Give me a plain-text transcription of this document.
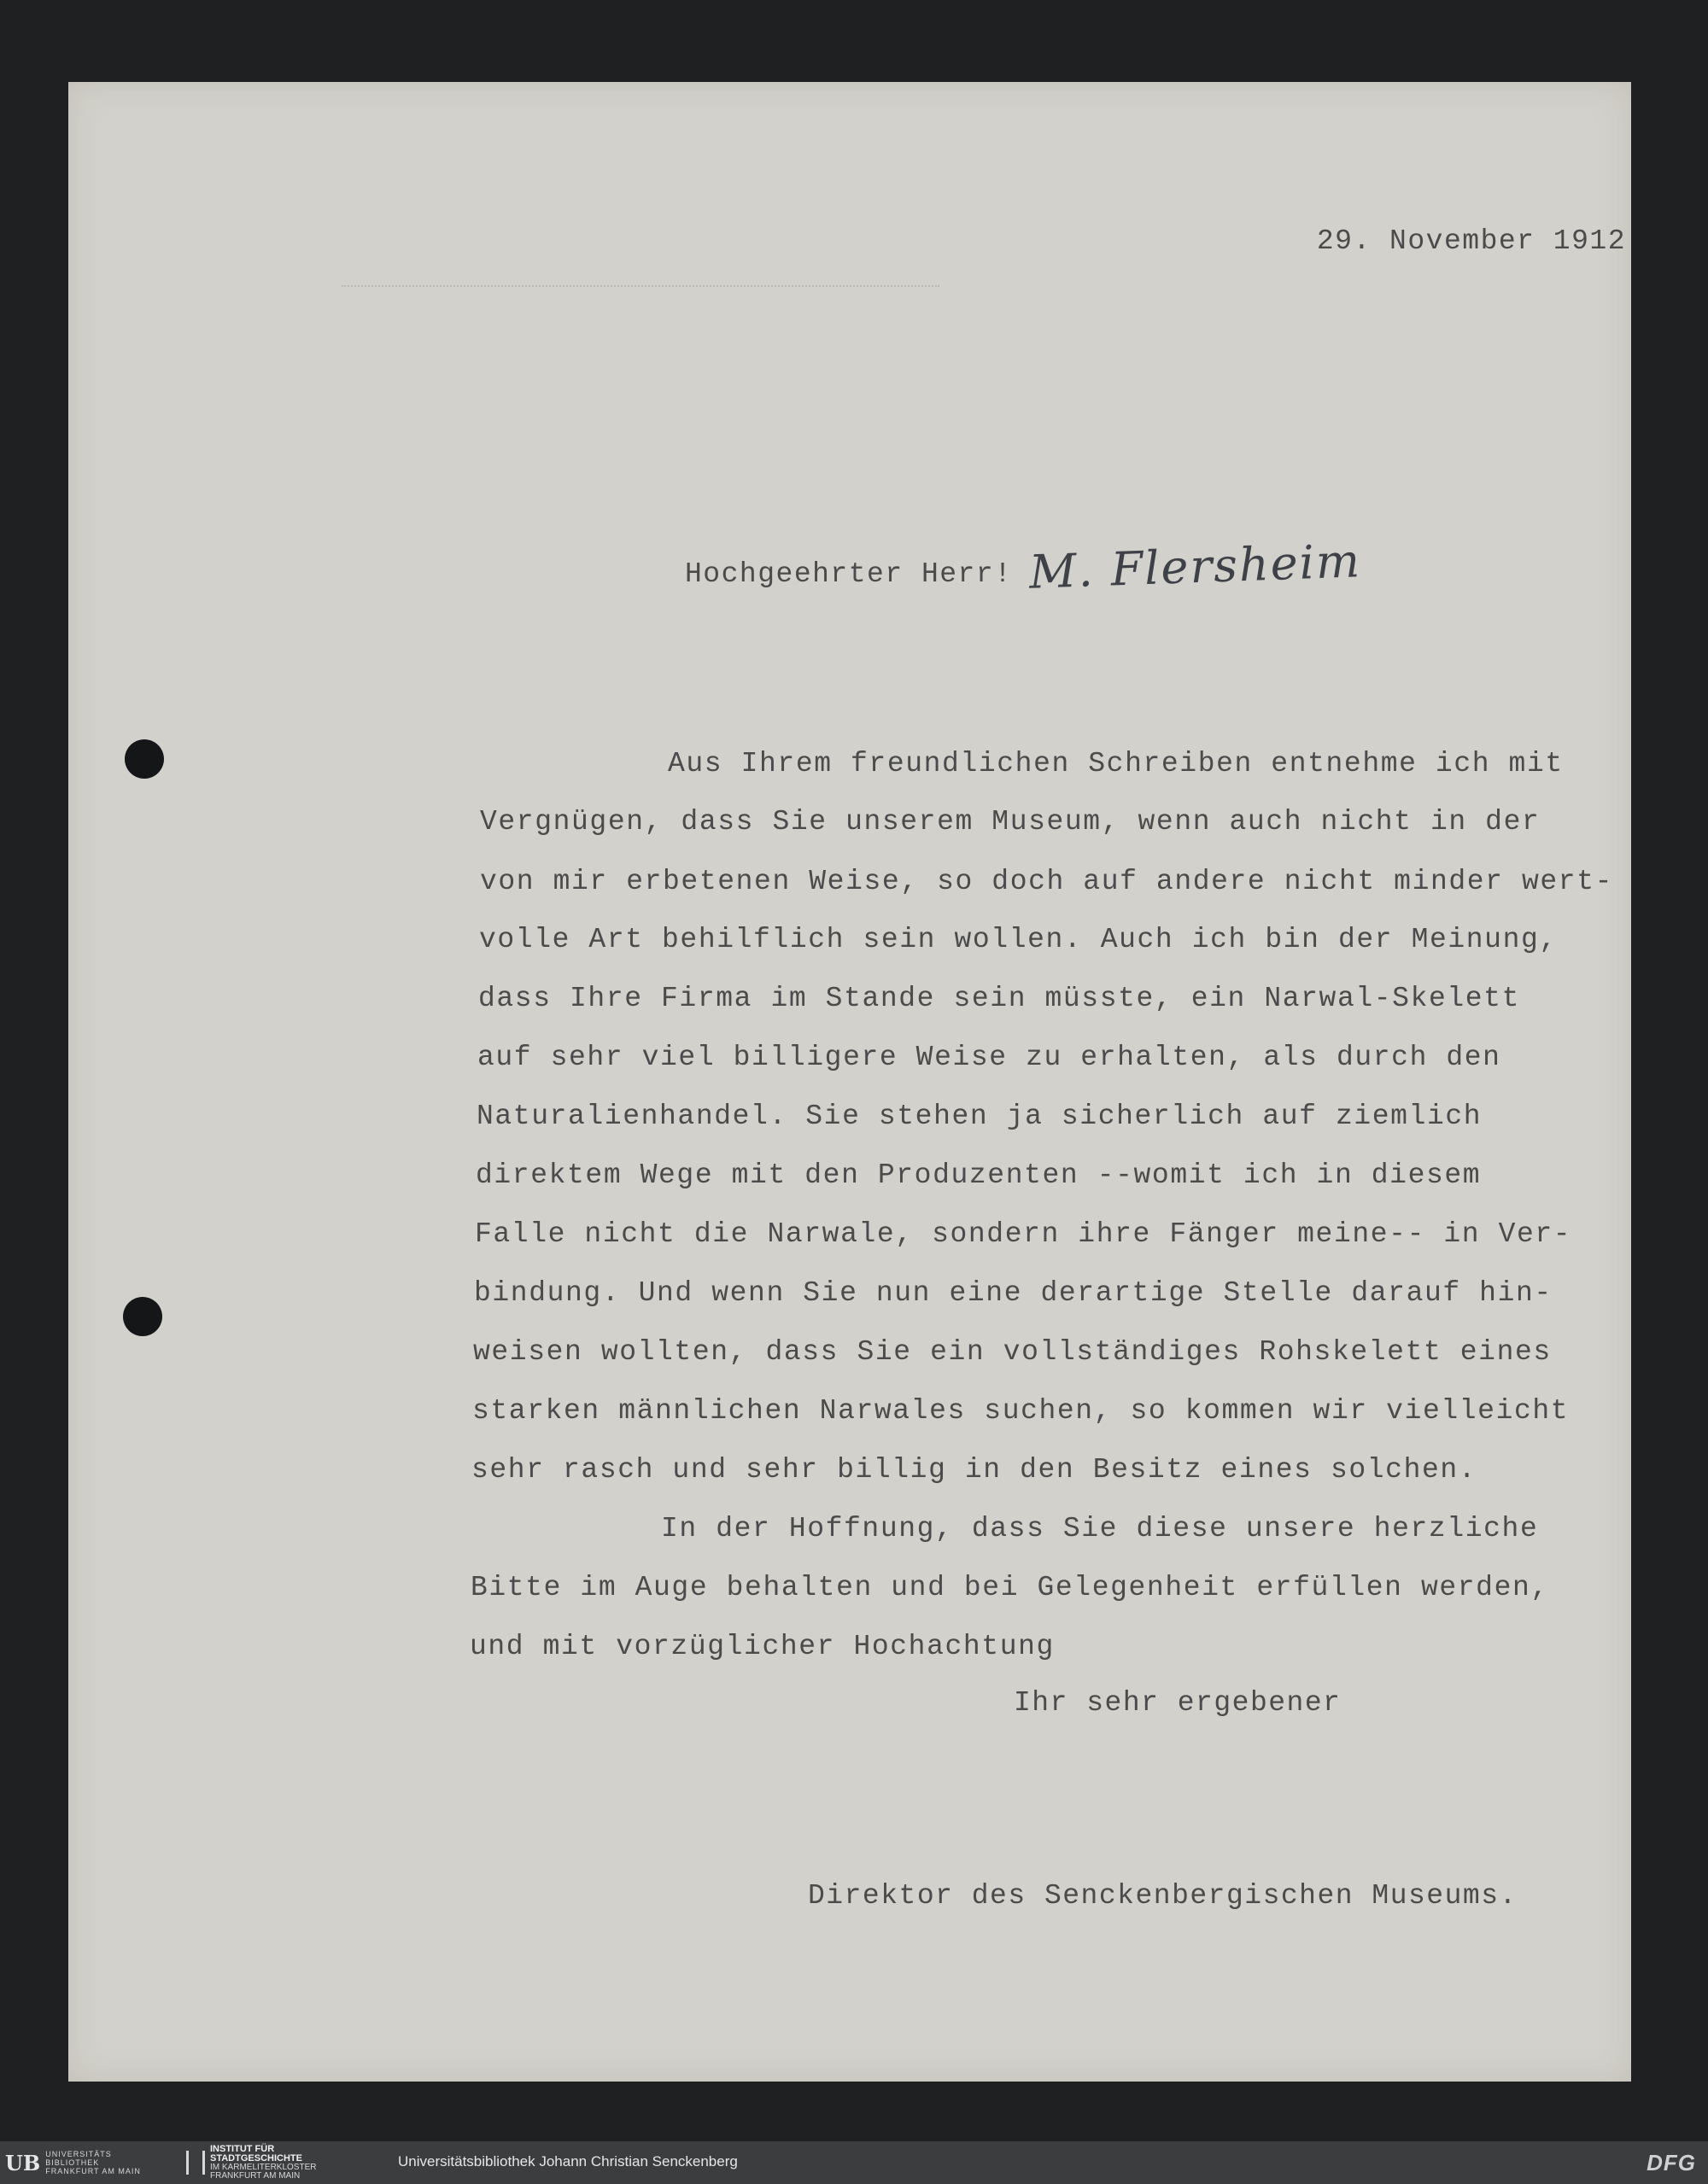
29. November 1912
Hochgeehrter Herr! M. Flersheim
Aus Ihrem freundlichen Schreiben entnehme ich mit
Vergnügen, dass Sie unserem Museum, wenn auch nicht in der
von mir erbetenen Weise, so doch auf andere nicht minder wert-
volle Art behilflich sein wollen. Auch ich bin der Meinung,
dass Ihre Firma im Stande sein müsste, ein Narwal-Skelett
auf sehr viel billigere Weise zu erhalten, als durch den
Naturalienhandel. Sie stehen ja sicherlich auf ziemlich
direktem Wege mit den Produzenten --womit ich in diesem
Falle nicht die Narwale, sondern ihre Fänger meine-- in Ver-
bindung. Und wenn Sie nun eine derartige Stelle darauf hin-
weisen wollten, dass Sie ein vollständiges Rohskelett eines
starken männlichen Narwales suchen, so kommen wir vielleicht
sehr rasch und sehr billig in den Besitz eines solchen.
In der Hoffnung, dass Sie diese unsere herzliche
Bitte im Auge behalten und bei Gelegenheit erfüllen werden,
und mit vorzüglicher Hochachtung
Ihr sehr ergebener
Direktor des Senckenbergischen Museums.
UB UNIVERSITÄTS
BIBLIOTHEK
FRANKFURT AM MAIN
INSTITUT FÜR
STADTGESCHICHTE
IM KARMELITERKLOSTER
FRANKFURT AM MAIN
Universitätsbibliothek Johann Christian Senckenberg	DFG
